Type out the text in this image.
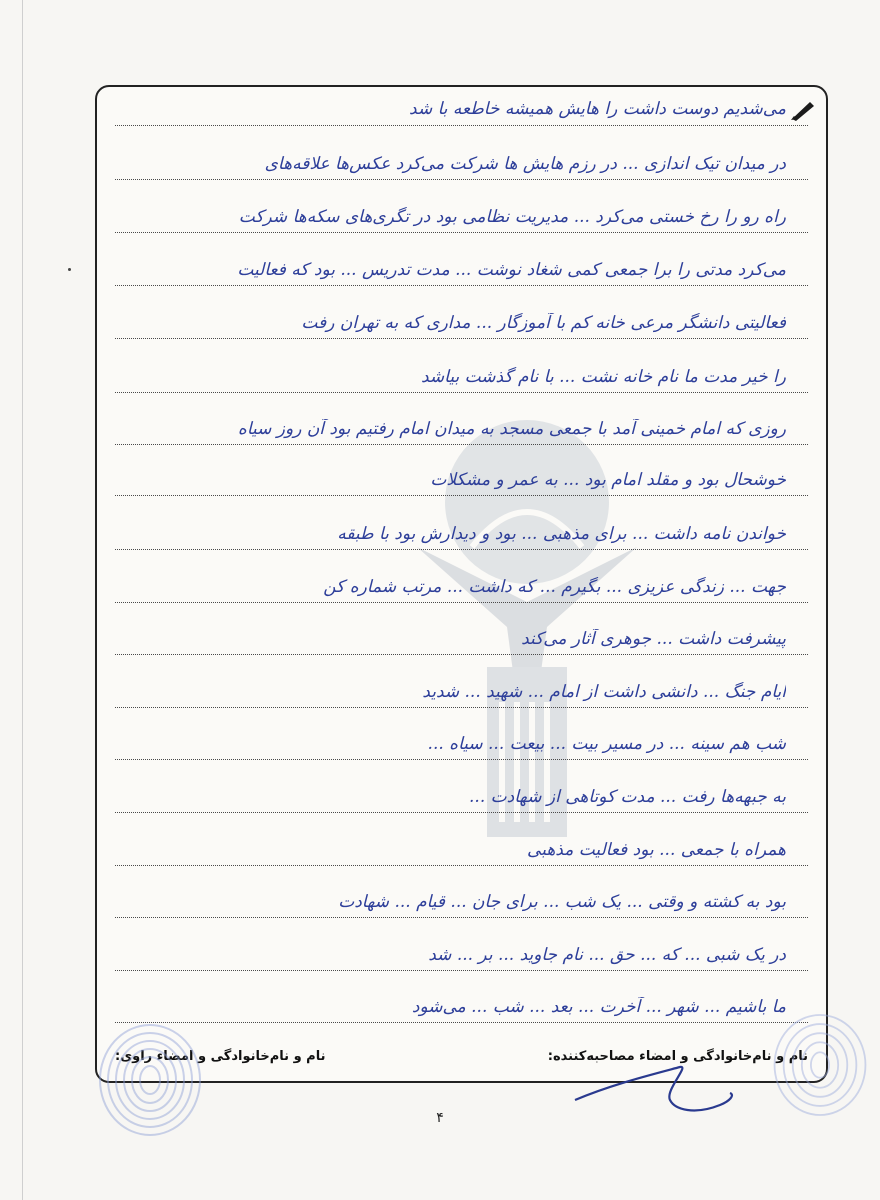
می‌شدیم دوست داشت را هایش همیشه خاطعه با شد
در میدان تیک اندازی ... در رزم هایش ها شرکت می‌کرد عکس‌ها علاقه‌های
راه رو را رخ خستی می‌کرد ... مدیریت نظامی بود در تگری‌های سکه‌ها شرکت
می‌کرد مدتی را برا جمعی کمی شغاد نوشت ... مدت تدریس ... بود که فعالیت
فعالیتی دانشگر مرعی خانه کم با آموزگار ... مداری که به تهران رفت
را خیر مدت ما نام خانه نشت ... با نام گذشت بیاشد
روزی که امام خمینی آمد با جمعی مسجد به میدان امام رفتیم بود آن روز سیاه
خوشحال بود و مقلد امام بود ... به عمر و مشکلات
خواندن نامه داشت ... برای مذهبی ... بود و دیدارش بود با طبقه
جهت ... زندگی عزیزی ... بگیرم ... که داشت ... مرتب شماره کن
پیشرفت داشت ... جوهری آثار می‌کند
ایام جنگ ... دانشی داشت از امام ... شهید ... شدید
شب هم سینه ... در مسیر بیت ... بیعت ... سیاه ...
به جبهه‌ها رفت ... مدت کوتاهی از شهادت ...
همراه با جمعی ... بود فعالیت مذهبی
بود به کشته و وقتی ... یک شب ... برای جان ... قیام ... شهادت
در یک شبی ... که ... حق ... نام جاوید ... بر ... شد
ما باشیم ... شهر ... آخرت ... بعد ... شب ... می‌شود
نام و نام‌خانوادگی و امضاء مصاحبه‌کننده:
نام و نام‌خانوادگی و امضاء راوی:
۴
